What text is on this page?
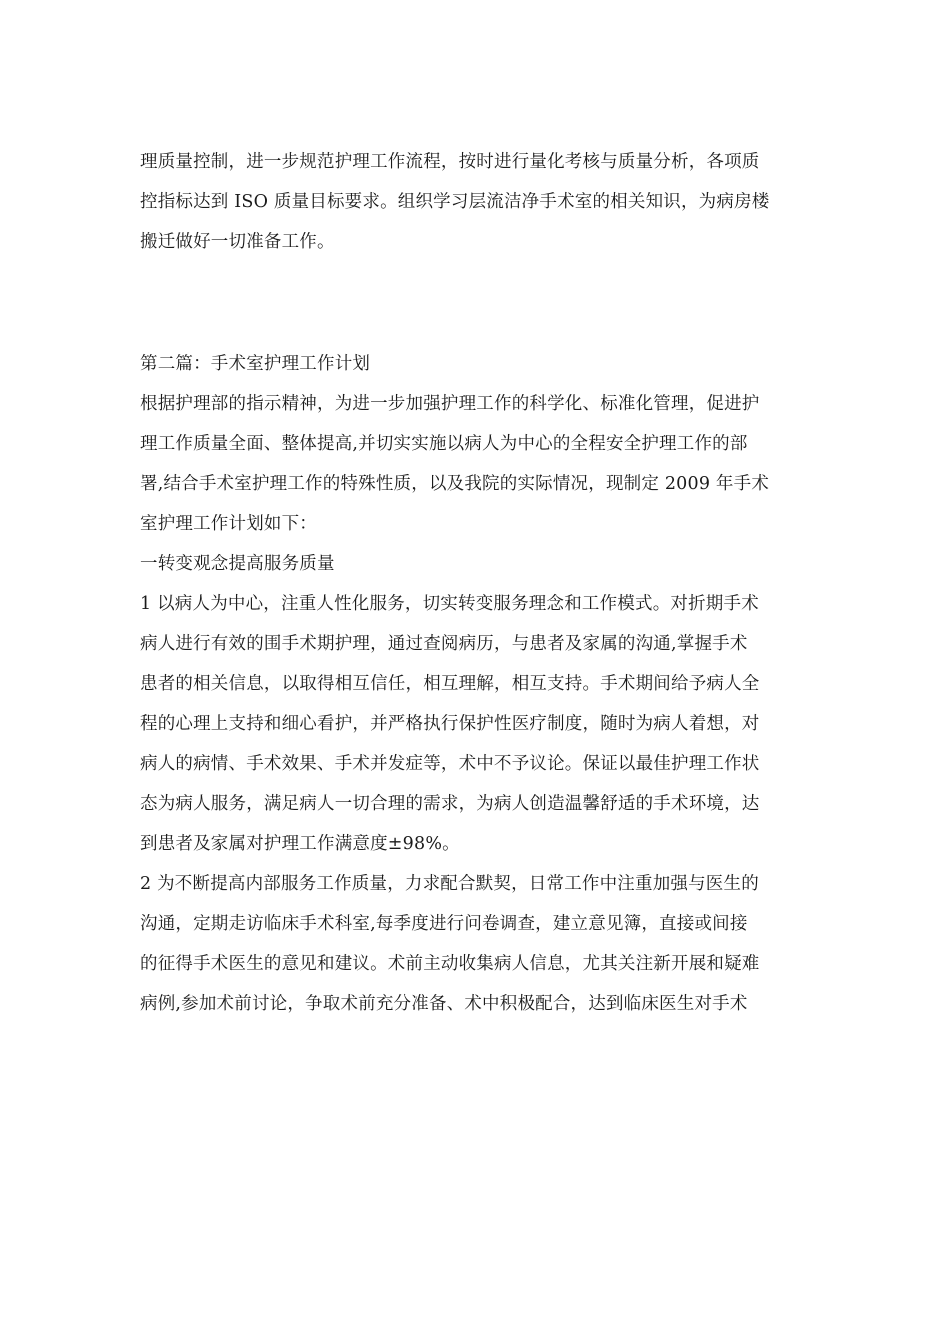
理质量控制，进一步规范护理工作流程，按时进行量化考核与质量分析，各项质
控指标达到 ISO 质量目标要求。组织学习层流洁净手术室的相关知识，为病房楼
搬迁做好一切准备工作。
第二篇：手术室护理工作计划
根据护理部的指示精神，为进一步加强护理工作的科学化、标准化管理，促进护
理工作质量全面、整体提高,并切实实施以病人为中心的全程安全护理工作的部
署,结合手术室护理工作的特殊性质，以及我院的实际情况，现制定 2009 年手术
室护理工作计划如下：
一转变观念提高服务质量
1 以病人为中心，注重人性化服务，切实转变服务理念和工作模式。对折期手术
病人进行有效的围手术期护理，通过查阅病历，与患者及家属的沟通,掌握手术
患者的相关信息，以取得相互信任，相互理解，相互支持。手术期间给予病人全
程的心理上支持和细心看护，并严格执行保护性医疗制度，随时为病人着想，对
病人的病情、手术效果、手术并发症等，术中不予议论。保证以最佳护理工作状
态为病人服务，满足病人一切合理的需求，为病人创造温馨舒适的手术环境，达
到患者及家属对护理工作满意度±98%。
2 为不断提高内部服务工作质量，力求配合默契，日常工作中注重加强与医生的
沟通，定期走访临床手术科室,每季度进行问卷调查，建立意见簿，直接或间接
的征得手术医生的意见和建议。术前主动收集病人信息，尤其关注新开展和疑难
病例,参加术前讨论，争取术前充分准备、术中积极配合，达到临床医生对手术
